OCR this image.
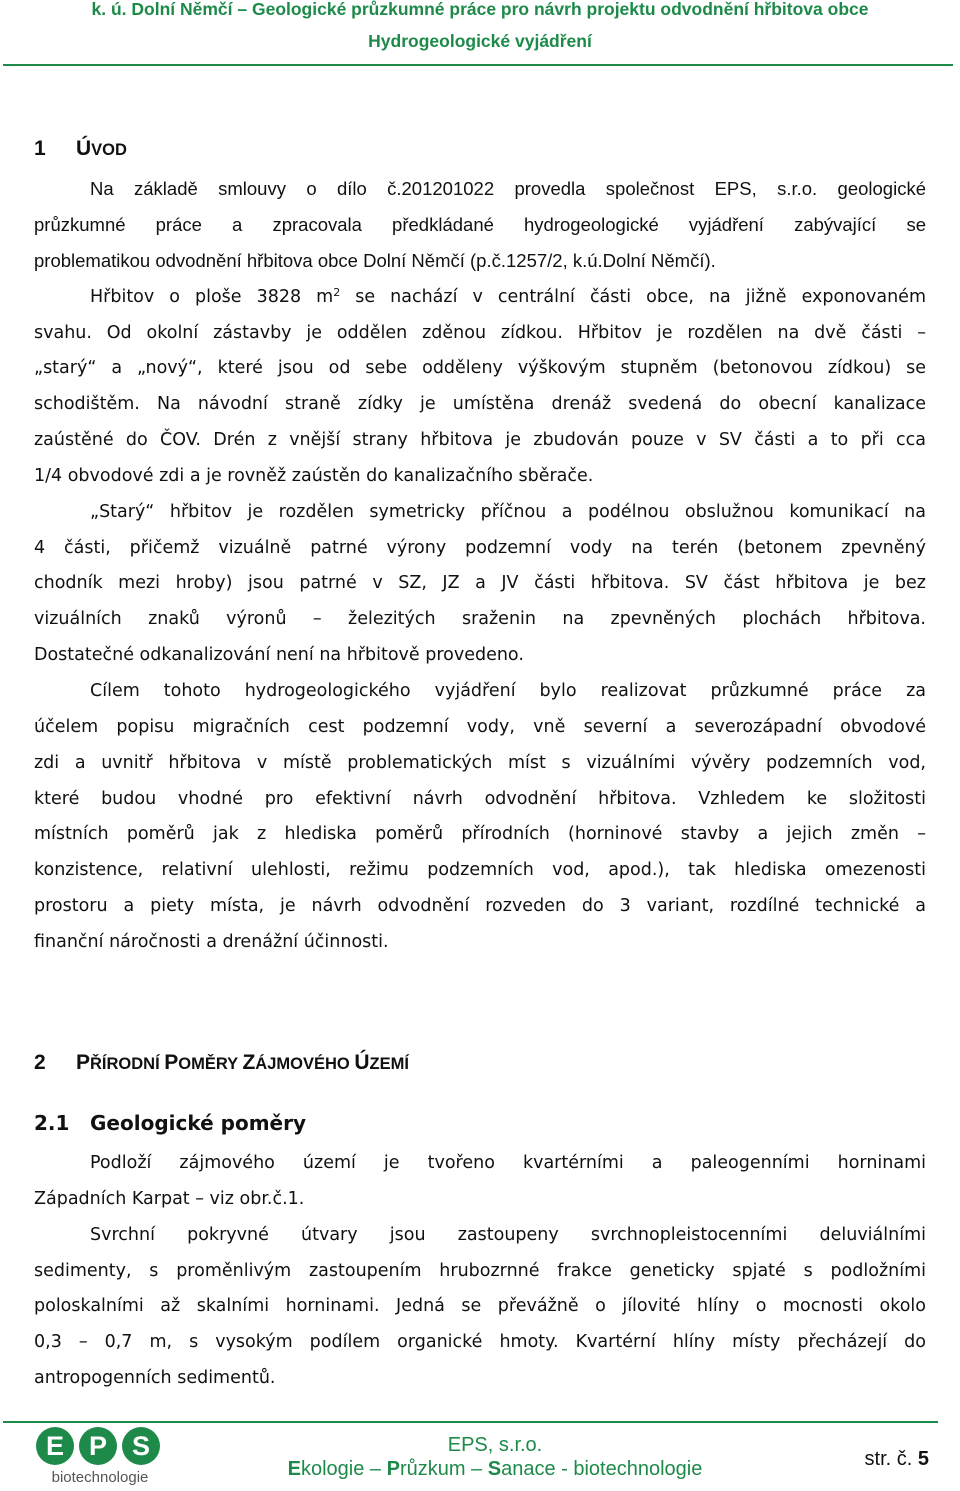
k. ú. Dolní Němčí – Geologické průzkumné práce pro návrh projektu odvodnění hřbitova obce
Hydrogeologické vyjádření
1 ÚVOD
Na základě smlouvy o dílo č.201201022 provedla společnost EPS, s.r.o. geologické
průzkumné práce a zpracovala předkládané hydrogeologické vyjádření zabývající se
problematikou odvodnění hřbitova obce Dolní Němčí (p.č.1257/2, k.ú.Dolní Němčí).
Hřbitov o ploše 3828 $m^2$ se nachází v centrální části obce, na jižně exponovaném
svahu. Od okolní zástavby je oddělen zděnou zídkou. Hřbitov je rozdělen na dvě části –
„starý“ a „nový“, které jsou od sebe odděleny výškovým stupněm (betonovou zídkou) se
schodištěm. Na návodní straně zídky je umístěna drenáž svedená do obecní kanalizace
zaústěné do ČOV. Drén z vnější strany hřbitova je zbudován pouze v SV části a to při cca
1/4 obvodové zdi a je rovněž zaústěn do kanalizačního sběrače.
„Starý“ hřbitov je rozdělen symetricky příčnou a podélnou obslužnou komunikací na
4 části, přičemž vizuálně patrné výrony podzemní vody na terén (betonem zpevněný
chodník mezi hroby) jsou patrné v SZ, JZ a JV části hřbitova. SV část hřbitova je bez
vizuálních znaků výronů – železitých sraženin na zpevněných plochách hřbitova.
Dostatečné odkanalizování není na hřbitově provedeno.
Cílem tohoto hydrogeologického vyjádření bylo realizovat průzkumné práce za
účelem popisu migračních cest podzemní vody, vně severní a severozápadní obvodové
zdi a uvnitř hřbitova v místě problematických míst s vizuálními vývěry podzemních vod,
které budou vhodné pro efektivní návrh odvodnění hřbitova. Vzhledem ke složitosti
místních poměrů jak z hlediska poměrů přírodních (horninové stavby a jejich změn –
konzistence, relativní ulehlosti, režimu podzemních vod, apod.), tak hlediska omezenosti
prostoru a piety místa, je návrh odvodnění rozveden do 3 variant, rozdílné technické a
finanční náročnosti a drenážní účinnosti.
2 PŘÍRODNÍ POMĚRY ZÁJMOVÉHO ÚZEMÍ
2.1 Geologické poměry
Podloží zájmového území je tvořeno kvartérními a paleogenními horninami
Západních Karpat – viz obr.č.1.
Svrchní pokryvné útvary jsou zastoupeny svrchnopleistocenními deluviálními
sedimenty, s proměnlivým zastoupením hrubozrnné frakce geneticky spjaté s podložními
poloskalními až skalními horninami. Jedná se převážně o jílovité hlíny o mocnosti okolo
0,3 – 0,7 m, s vysokým podílem organické hmoty. Kvartérní hlíny místy přecházejí do
antropogenních sedimentů.
E P S
biotechnologie
EPS, s.r.o.
Ekologie – Průzkum – Sanace - biotechnologie	str. č. 5
